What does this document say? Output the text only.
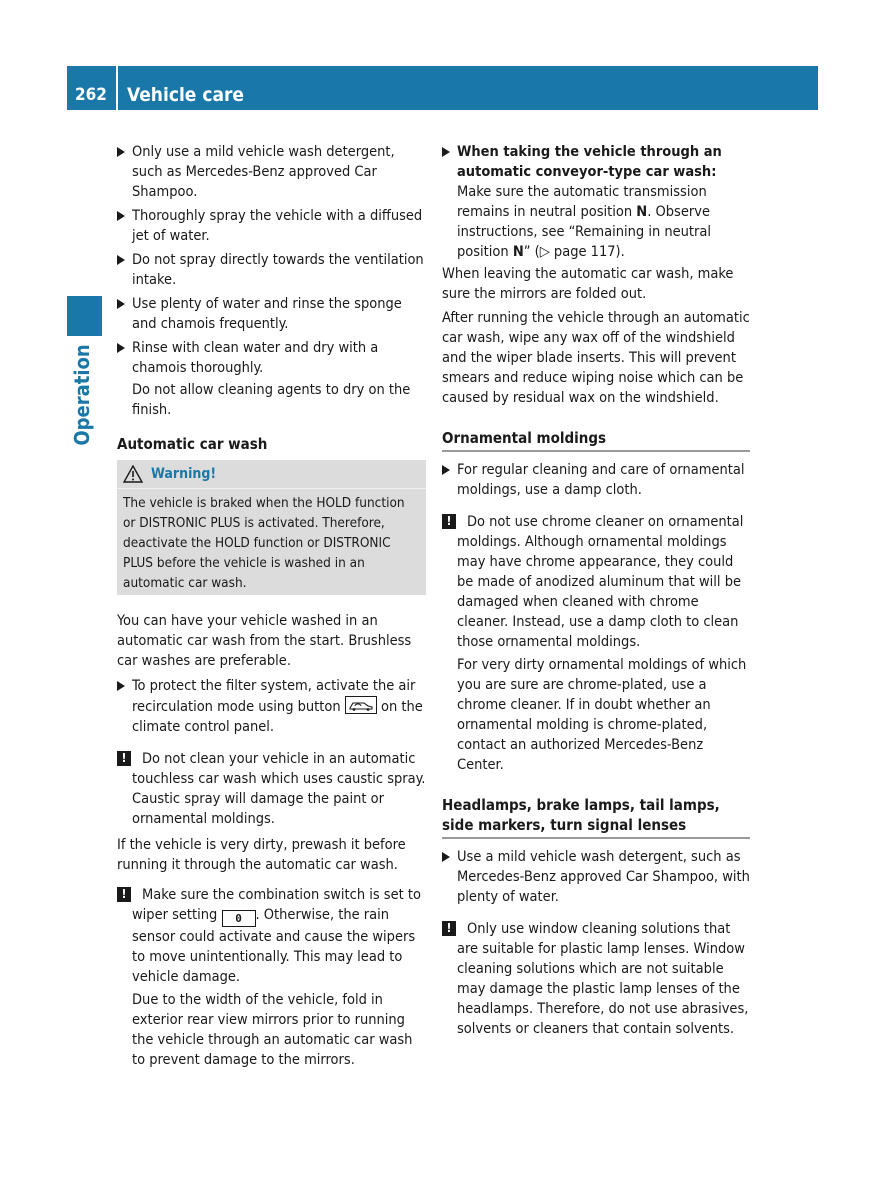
262 Vehicle care
Operation
Only use a mild vehicle wash detergent, such as Mercedes-Benz approved Car Shampoo.
Thoroughly spray the vehicle with a diffused jet of water.
Do not spray directly towards the ventilation intake.
Use plenty of water and rinse the sponge and chamois frequently.
Rinse with clean water and dry with a chamois thoroughly.
Do not allow cleaning agents to dry on the finish.
Automatic car wash
Warning!
The vehicle is braked when the HOLD function or DISTRONIC PLUS is activated. Therefore, deactivate the HOLD function or DISTRONIC PLUS before the vehicle is washed in an automatic car wash.
You can have your vehicle washed in an automatic car wash from the start. Brushless car washes are preferable.
To protect the filter system, activate the air recirculation mode using button	on the climate control panel.
!	Do not clean your vehicle in an automatic touchless car wash which uses caustic spray. Caustic spray will damage the paint or ornamental moldings.
If the vehicle is very dirty, prewash it before running it through the automatic car wash.
!	Make sure the combination switch is set to wiper setting 0 . Otherwise, the rain sensor could activate and cause the wipers to move unintentionally. This may lead to vehicle damage.
Due to the width of the vehicle, fold in exterior rear view mirrors prior to running the vehicle through an automatic car wash to prevent damage to the mirrors.
When taking the vehicle through an automatic conveyor-type car wash:
Make sure the automatic transmission remains in neutral position N. Observe instructions, see “Remaining in neutral position N” (▷ page 117).
When leaving the automatic car wash, make sure the mirrors are folded out.
After running the vehicle through an automatic car wash, wipe any wax off of the windshield and the wiper blade inserts. This will prevent smears and reduce wiping noise which can be caused by residual wax on the windshield.
Ornamental moldings
For regular cleaning and care of ornamental moldings, use a damp cloth.
!	Do not use chrome cleaner on ornamental moldings. Although ornamental moldings may have chrome appearance, they could be made of anodized aluminum that will be damaged when cleaned with chrome cleaner. Instead, use a damp cloth to clean those ornamental moldings.
For very dirty ornamental moldings of which you are sure are chrome-plated, use a chrome cleaner. If in doubt whether an ornamental molding is chrome-plated, contact an authorized Mercedes-Benz Center.
Headlamps, brake lamps, tail lamps, side markers, turn signal lenses
Use a mild vehicle wash detergent, such as Mercedes-Benz approved Car Shampoo, with plenty of water.
!	Only use window cleaning solutions that are suitable for plastic lamp lenses. Window cleaning solutions which are not suitable may damage the plastic lamp lenses of the headlamps. Therefore, do not use abrasives, solvents or cleaners that contain solvents.
